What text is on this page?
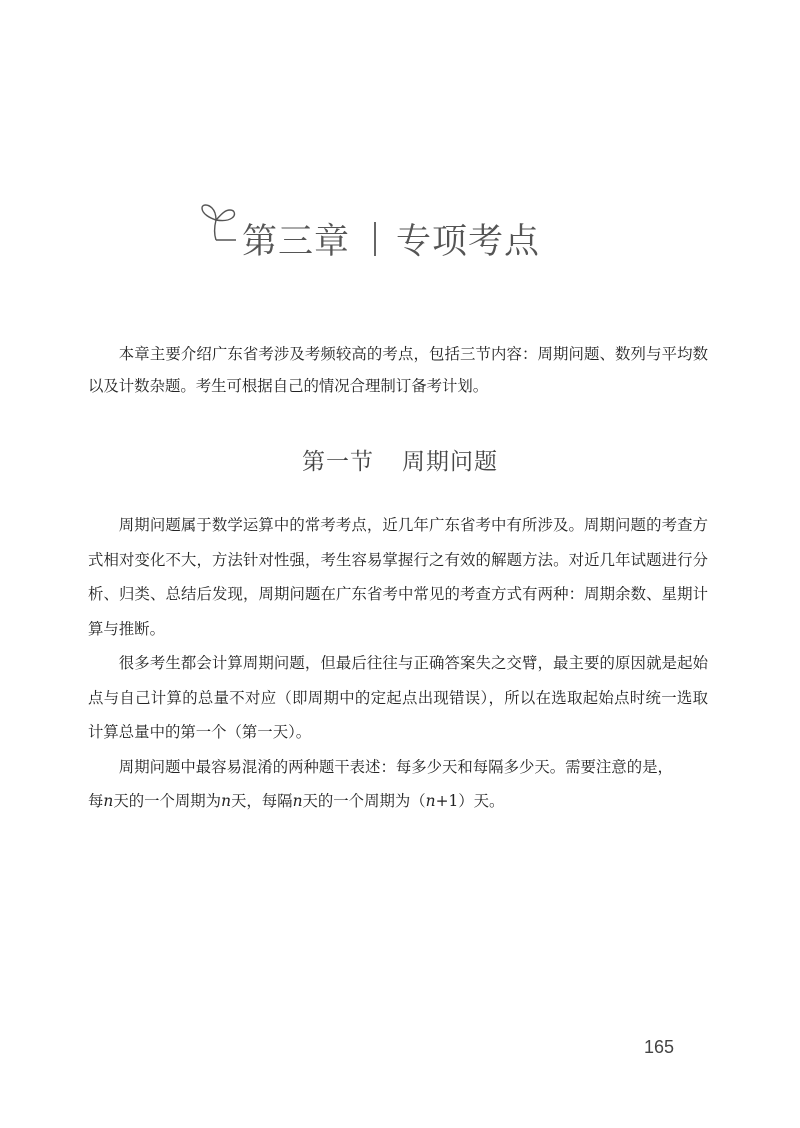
第三章 专项考点

本章主要介绍广东省考涉及考频较高的考点，包括三节内容：周期问题、数列与平均数以及计数杂题。考生可根据自己的情况合理制订备考计划。

第一节 周期问题

周期问题属于数学运算中的常考考点，近几年广东省考中有所涉及。周期问题的考查方式相对变化不大，方法针对性强，考生容易掌握行之有效的解题方法。对近几年试题进行分析、归类、总结后发现，周期问题在广东省考中常见的考查方式有两种：周期余数、星期计算与推断。

很多考生都会计算周期问题，但最后往往与正确答案失之交臂，最主要的原因就是起始点与自己计算的总量不对应（即周期中的定起点出现错误），所以在选取起始点时统一选取计算总量中的第一个（第一天）。

周期问题中最容易混淆的两种题干表述：每多少天和每隔多少天。需要注意的是，

每n天的一个周期为n天，每隔n天的一个周期为（n+1）天。

165
